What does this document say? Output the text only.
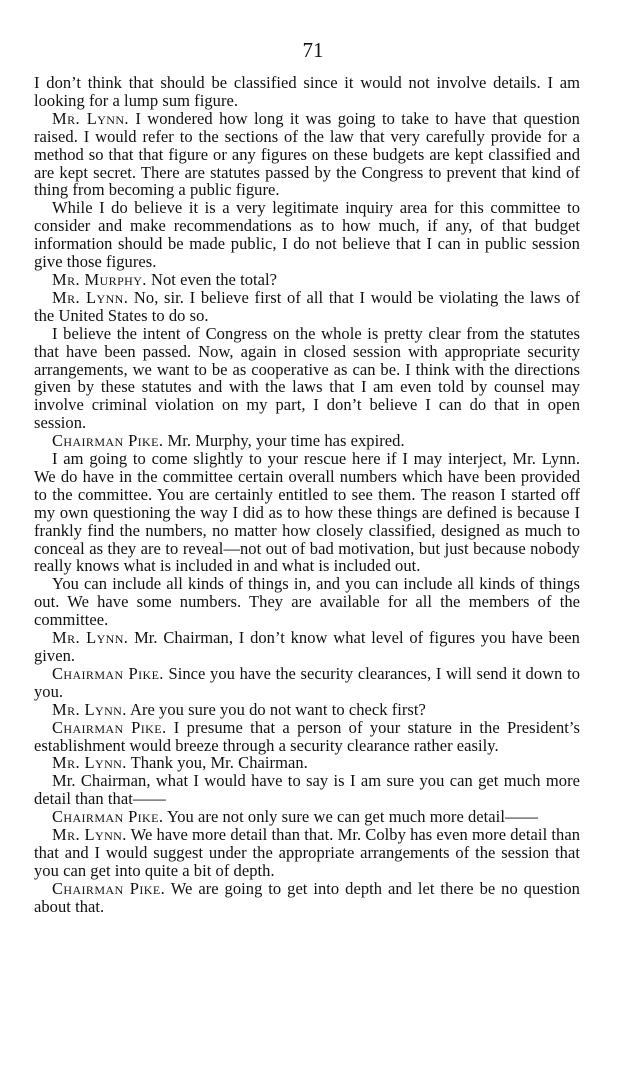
71

I don’t think that should be classified since it would not involve details. I am looking for a lump sum figure.

Mr. Lynn. I wondered how long it was going to take to have that question raised. I would refer to the sections of the law that very carefully provide for a method so that that figure or any figures on these budgets are kept classified and are kept secret. There are statutes passed by the Congress to prevent that kind of thing from becoming a public figure.

While I do believe it is a very legitimate inquiry area for this committee to consider and make recommendations as to how much, if any, of that budget information should be made public, I do not believe that I can in public session give those figures.

Mr. Murphy. Not even the total?

Mr. Lynn. No, sir. I believe first of all that I would be violating the laws of the United States to do so.

I believe the intent of Congress on the whole is pretty clear from the statutes that have been passed. Now, again in closed session with appropriate security arrangements, we want to be as cooperative as can be. I think with the directions given by these statutes and with the laws that I am even told by counsel may involve criminal violation on my part, I don’t believe I can do that in open session.

Chairman Pike. Mr. Murphy, your time has expired.

I am going to come slightly to your rescue here if I may interject, Mr. Lynn. We do have in the committee certain overall numbers which have been provided to the committee. You are certainly entitled to see them. The reason I started off my own questioning the way I did as to how these things are defined is because I frankly find the numbers, no matter how closely classified, designed as much to conceal as they are to reveal—not out of bad motivation, but just because nobody really knows what is included in and what is included out.

You can include all kinds of things in, and you can include all kinds of things out. We have some numbers. They are available for all the members of the committee.

Mr. Lynn. Mr. Chairman, I don’t know what level of figures you have been given.

Chairman Pike. Since you have the security clearances, I will send it down to you.

Mr. Lynn. Are you sure you do not want to check first?

Chairman Pike. I presume that a person of your stature in the President’s establishment would breeze through a security clearance rather easily.

Mr. Lynn. Thank you, Mr. Chairman.

Mr. Chairman, what I would have to say is I am sure you can get much more detail than that——

Chairman Pike. You are not only sure we can get much more detail——

Mr. Lynn. We have more detail than that. Mr. Colby has even more detail than that and I would suggest under the appropriate arrangements of the session that you can get into quite a bit of depth.

Chairman Pike. We are going to get into depth and let there be no question about that.
